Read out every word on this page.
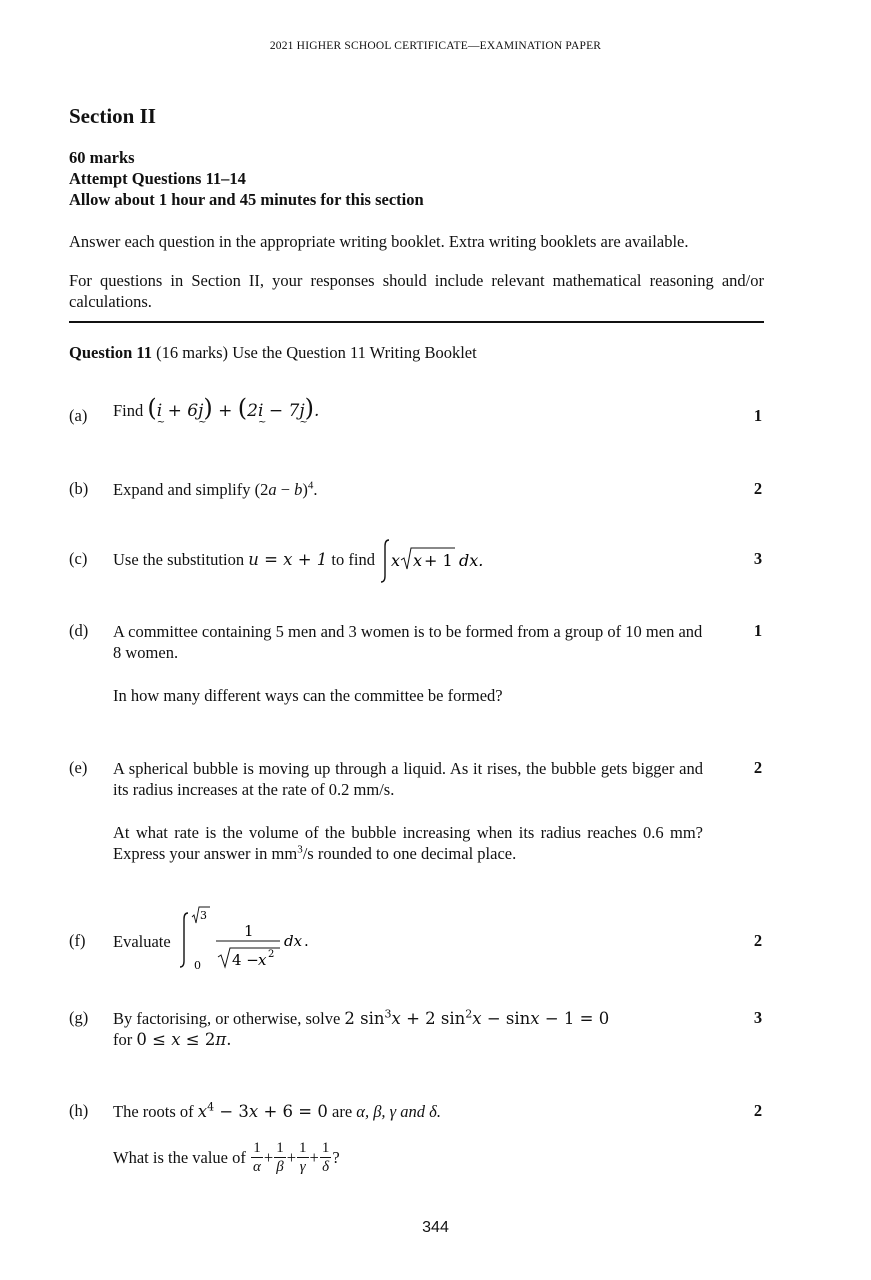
2021 HIGHER SCHOOL CERTIFICATE—EXAMINATION PAPER
Section II
60 marks
Attempt Questions 11–14
Allow about 1 hour and 45 minutes for this section
Answer each question in the appropriate writing booklet. Extra writing booklets are available.
For questions in Section II, your responses should include relevant mathematical reasoning and/or calculations.
Question 11 (16 marks) Use the Question 11 Writing Booklet
(a) Find (i ~ + 6j ~) + (2i ~ − 7j ~).	1
(b) Expand and simplify $(2a - b)^4$.	2
(c) Use the substitution u = x + 1 to find x x + 1 dx.	3
(d) A committee containing 5 men and 3 women is to be formed from a group of 10 men and 8 women.
In how many different ways can the committee be formed?
1
(e) A spherical bubble is moving up through a liquid. As it rises, the bubble gets bigger and its radius increases at the rate of 0.2 mm/s.
At what rate is the volume of the bubble increasing when its radius reaches 0.6 mm? Express your answer in $mm^3/s$ rounded to one decimal place.
2
(f) Evaluate
3
0
1
4 − x 2
dx .	2
(g) By factorising, or otherwise, solve 2 $\sin^3x + 2$ $\sin^2x - \sin x - 1 = 0$
for 0 ≤ x ≤ 2π.
3
(h) The roots of $x^4 - 3x + 6 = 0$ are α, β, γ and δ.	2
What is the value of $\frac{1}{\alpha} + \frac{1}{\beta} + \frac{1}{\gamma} + \frac{1}{\delta}$ ?
344
